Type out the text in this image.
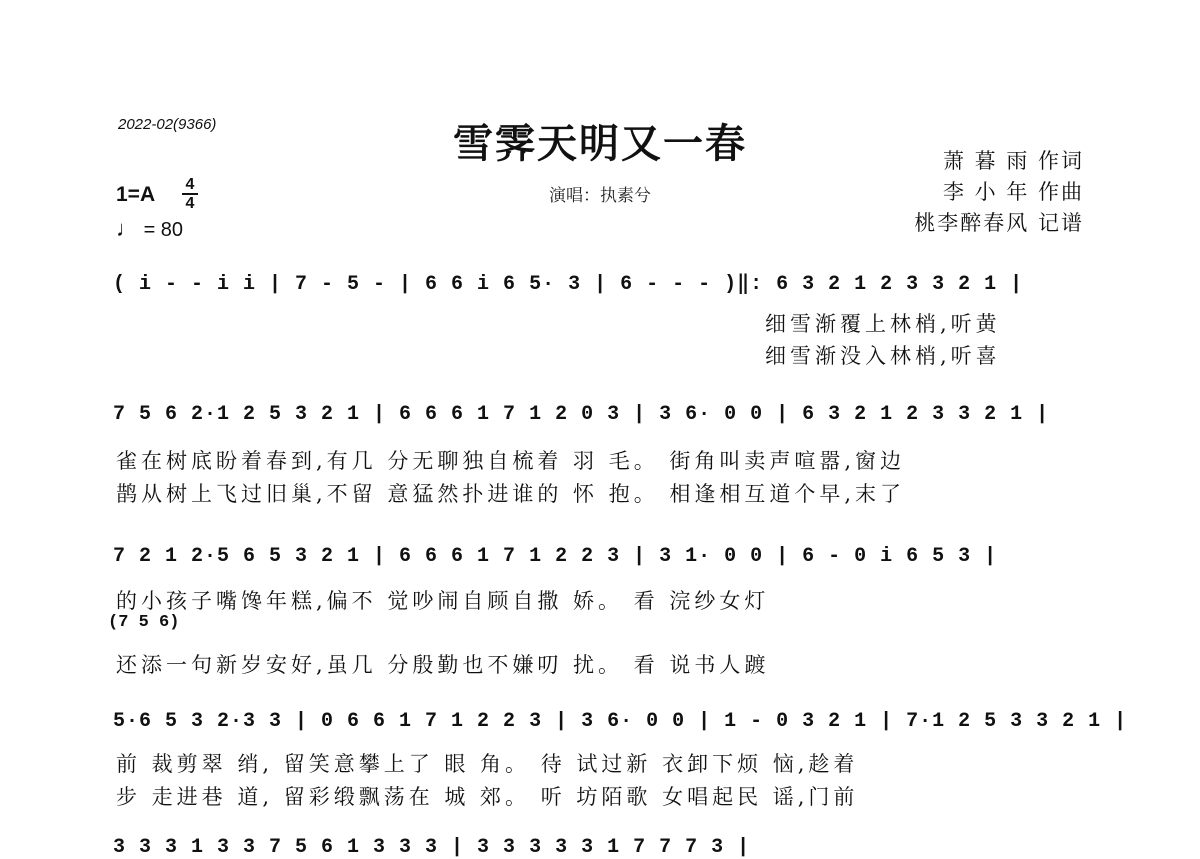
2022-02(9366)	雪霁天明又一春
演唱：执素兮
萧 暮 雨 作词
李 小 年 作曲
桃李醉春风 记谱
1=A 4
4
♩ = 80
( i - - i i | 7 - 5 - | 6 6 i 6 5· 3 | 6 - - - )‖: 6 3 2 1 2 3 3 2 1 |
细雪渐覆上林梢,听黄
细雪渐没入林梢,听喜
7 5 6 2·1 2 5 3 2 1 | 6 6 6 1 7 1 2 0 3 | 3 6· 0 0 | 6 3 2 1 2 3 3 2 1 |
雀在树底盼着春到,有几 分无聊独自梳着 羽 毛。 街角叫卖声喧嚣,窗边
鹊从树上飞过旧巢,不留 意猛然扑进谁的 怀 抱。 相逢相互道个早,末了
7 2 1 2·5 6 5 3 2 1 | 6 6 6 1 7 1 2 2 3 | 3 1· 0 0 | 6 - 0 i 6 5 3 |
的小孩子嘴馋年糕,偏不 觉吵闹自顾自撒 娇。 看 浣纱女灯
(7 5 6)
还添一句新岁安好,虽几 分殷勤也不嫌叨 扰。 看 说书人踱
5·6 5 3 2·3 3 | 0 6 6 1 7 1 2 2 3 | 3 6· 0 0 | 1 - 0 3 2 1 | 7·1 2 5 3 3 2 1 |
前 裁剪翠 绡, 留笑意攀上了 眼 角。 待 试过新 衣卸下烦 恼,趁着
步 走进巷 道, 留彩缎飘荡在 城 郊。 听 坊陌歌 女唱起民 谣,门前
3 3 3 1 3 3 7 5 6 1 3 3 3 | 3 3 3 3 3 1 7 7 7 3 |
